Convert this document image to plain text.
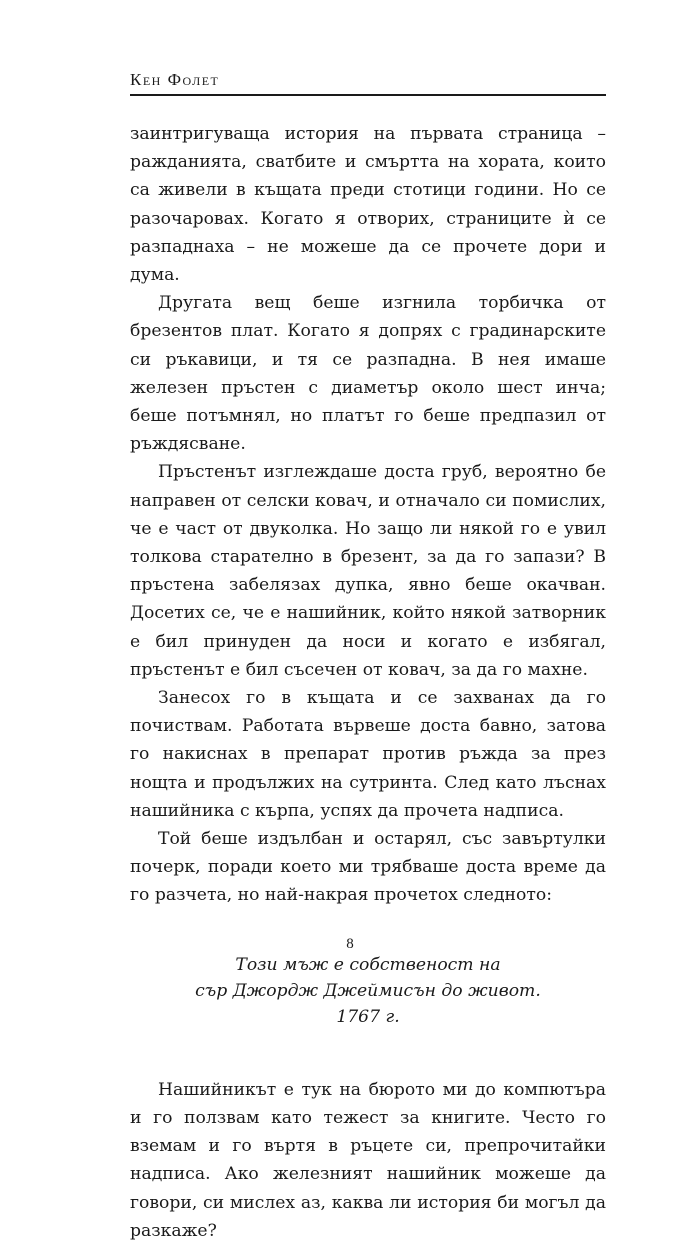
Кен Фолет

заинтригуваща история на първата страница – ражданията, сватбите и смъртта на хората, които са живели в къщата преди стотици години. Но се разочаровах. Когато я отворих, страниците ѝ се разпаднаха – не можеше да се прочете дори и дума.

Другата вещ беше изгнила торбичка от брезентов плат. Когато я допрях с градинарските си ръкавици, и тя се разпадна. В нея имаше железен пръстен с диаметър около шест инча; беше потъмнял, но платът го беше предпазил от ръждясване.

Пръстенът изглеждаше доста груб, вероятно бе направен от селски ковач, и отначало си помислих, че е част от двуколка. Но защо ли някой го е увил толкова старателно в брезент, за да го запази? В пръстена забелязах дупка, явно беше окачван. Досетих се, че е нашийник, който някой затворник е бил принуден да носи и когато е избягал, пръстенът е бил съсечен от ковач, за да го махне.

Занесох го в къщата и се захванах да го почиствам. Работата вървеше доста бавно, затова го накиснах в препарат против ръжда за през нощта и продължих на сутринта. След като лъснах нашийника с кърпа, успях да прочета надписа.

Той беше издълбан и остарял, със завъртулки почерк, поради което ми трябваше доста време да го разчета, но най-накрая прочетох следното:

Този мъж е собственост на
сър Джордж Джеймисън до живот.
1767 г.

Нашийникът е тук на бюрото ми до компютъра и го ползвам като тежест за книгите. Често го вземам и го въртя в ръцете си, препрочитайки надписа. Ако железният нашийник можеше да говори, си мислех аз, каква ли история би могъл да разкаже?

8
